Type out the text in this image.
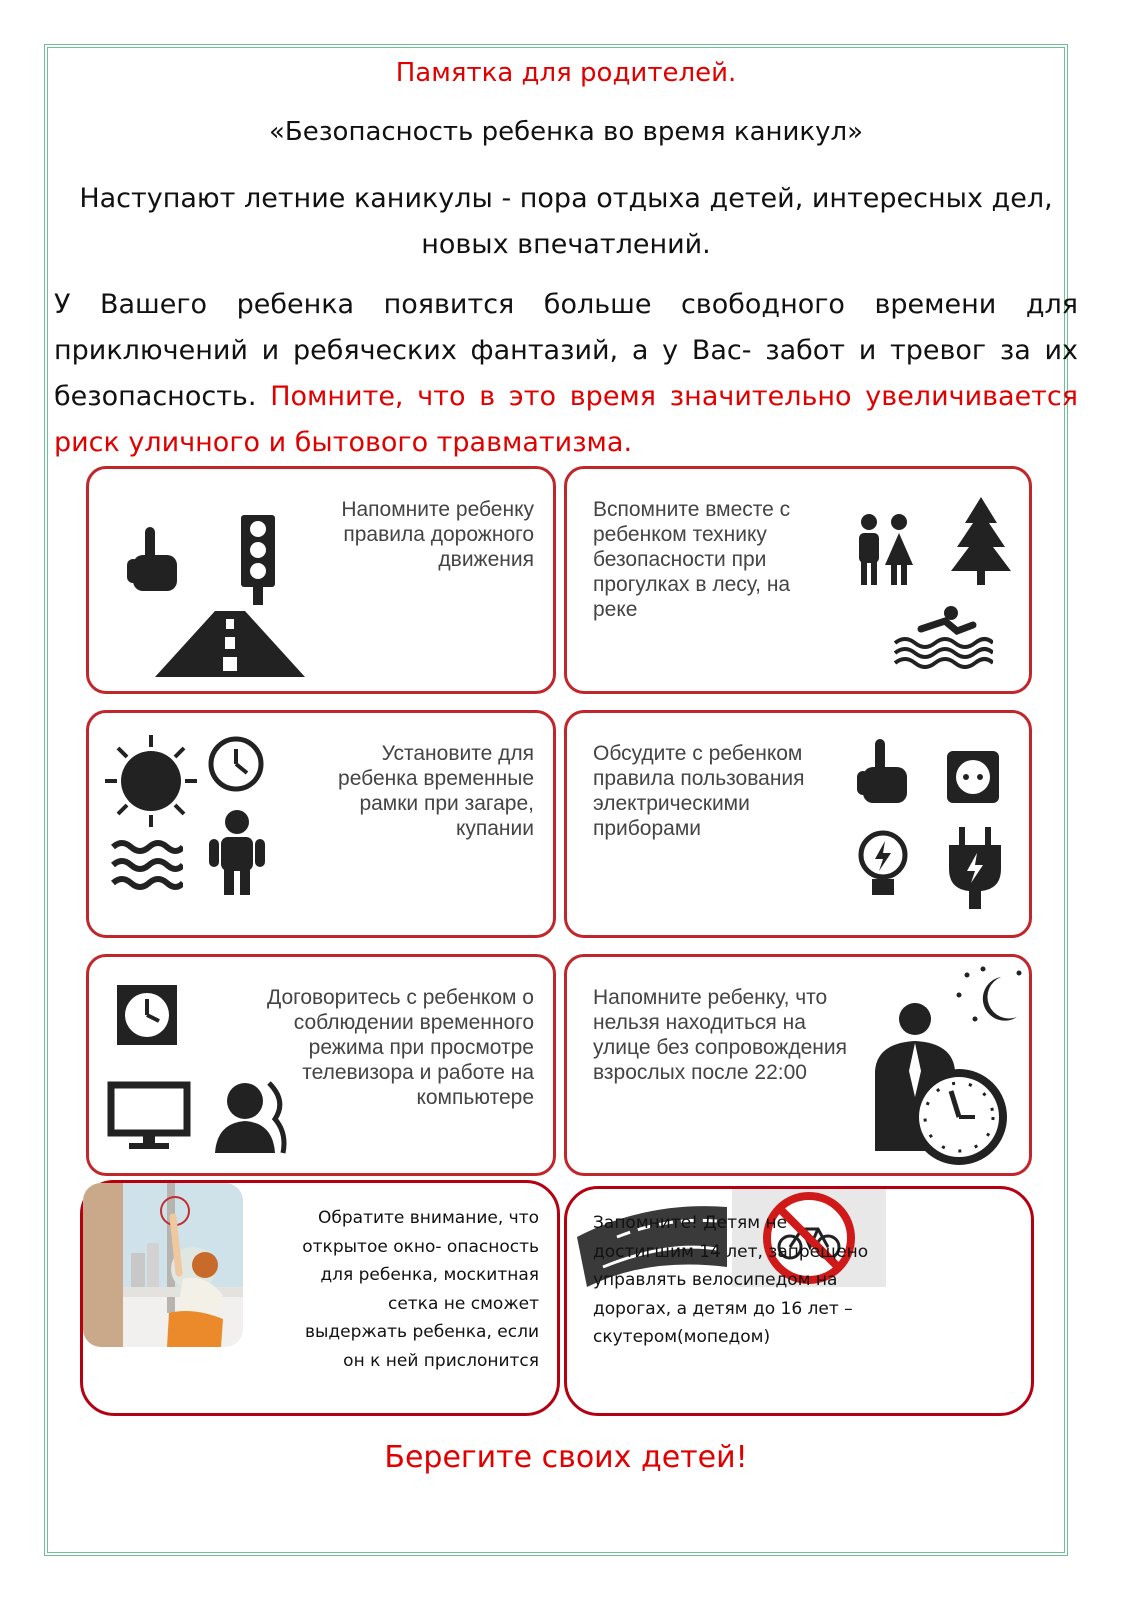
Памятка для родителей.

«Безопасность ребенка во время каникул»

Наступают летние каникулы - пора отдыха детей, интересных дел, новых впечатлений.

У Вашего ребенка появится больше свободного времени для приключений и ребяческих фантазий, а у Вас- забот и тревог за их безопасность. Помните, что в это время значительно увеличивается риск уличного и бытового травматизма.

Напомните ребенку правила дорожного движения
Вспомните вместе с ребенком технику безопасности при прогулках в лесу, на реке
Установите для ребенка временные рамки при загаре, купании
Обсудите с ребенком правила пользования электрическими приборами
Договоритесь с ребенком о соблюдении временного режима при просмотре телевизора и работе на компьютере
Напомните ребенку, что нельзя находиться на улице без сопровождения взрослых после 22:00
Обратите внимание, что открытое окно- опасность для ребенка, москитная сетка не сможет выдержать ребенка, если он к ней прислонится

Запомните! Детям не достигшим 14 лет, запрещено управлять велосипедом на дорогах, а детям до 16 лет – скутером(мопедом)

Берегите своих детей!
